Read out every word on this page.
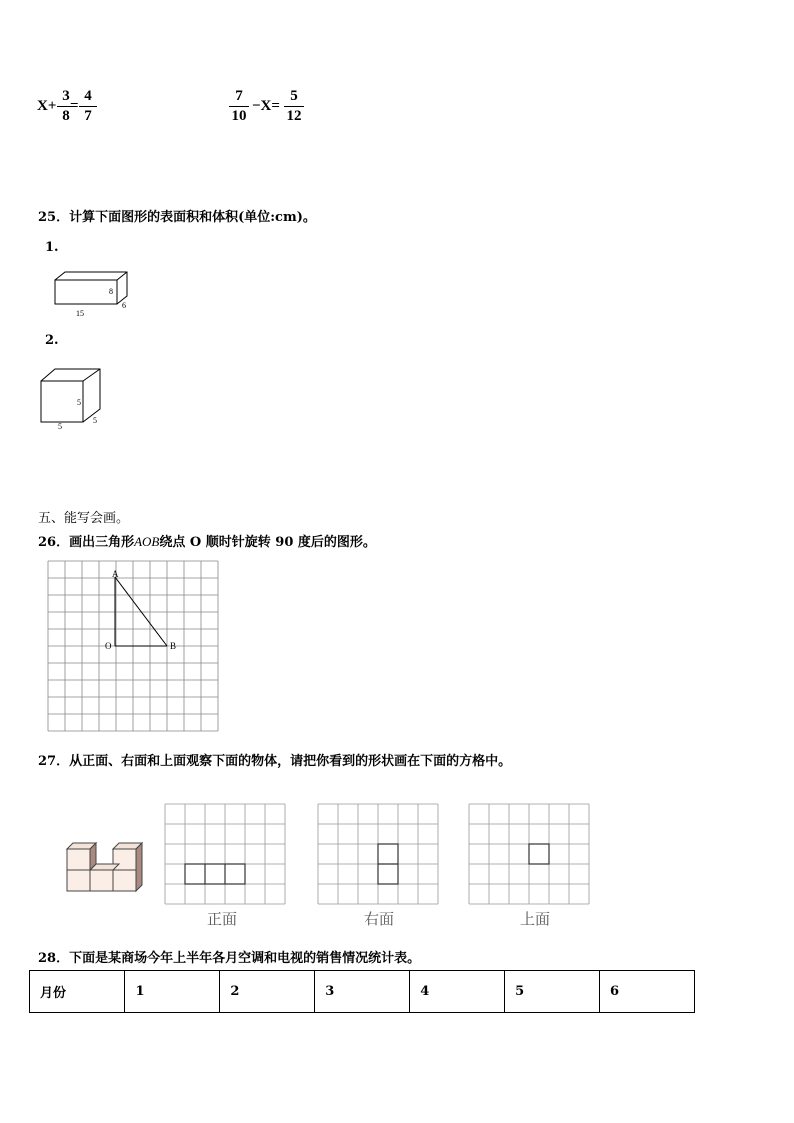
X+
3
8
=
4
7
7
10
−X=
5
12
25．计算下面图形的表面积和体积(单位:cm)。
1.
15
8
6
2.
5
5
5
五、能写会画。
26．画出三角形AOB绕点 O 顺时针旋转 90 度后的图形。
A
O	B
27．从正面、右面和上面观察下面的物体，请把你看到的形状画在下面的方格中。
正面	右面	上面
28．下面是某商场今年上半年各月空调和电视的销售情况统计表。
月份	1	2	3	4	5	6
